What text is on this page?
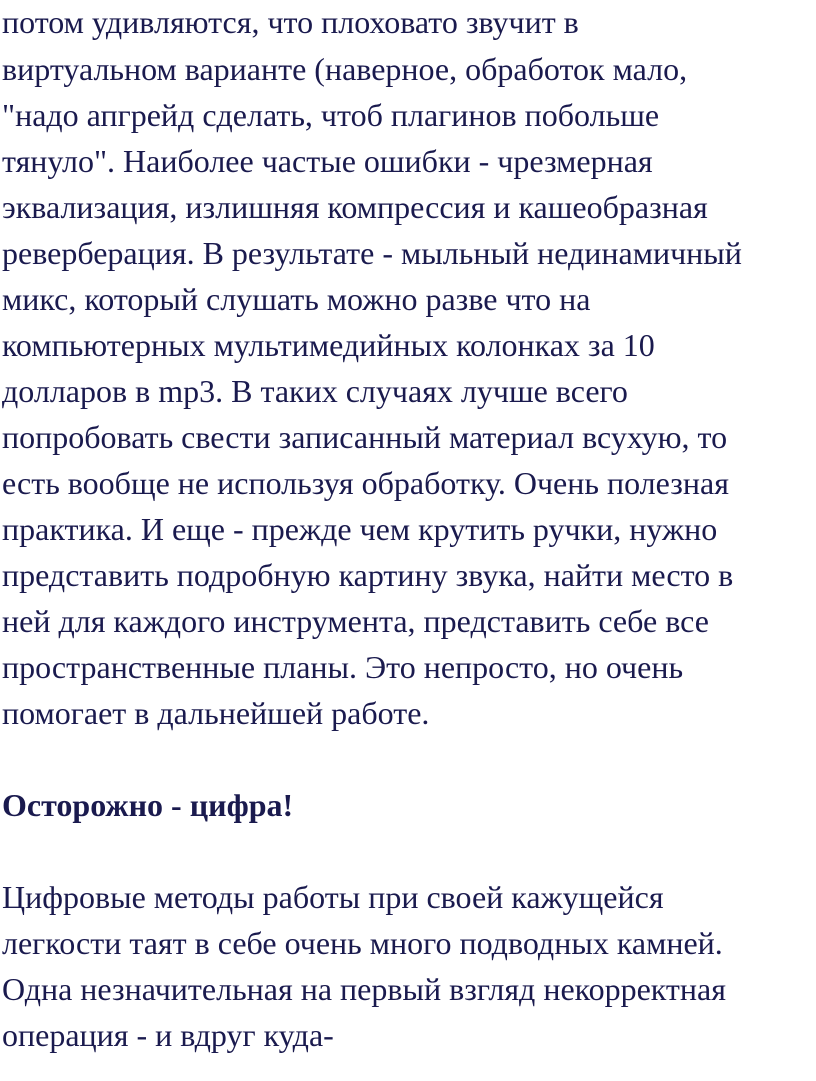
потом удивляются, что плоховато звучит в
виртуальном варианте (наверное, обработок мало,
"надо апгрейд сделать, чтоб плагинов побольше
тянуло". Наиболее частые ошибки - чрезмерная
эквализация, излишняя компрессия и кашеобразная
реверберация. В результате - мыльный нединамичный
микс, который слушать можно разве что на
компьютерных мультимедийных колонках за 10
долларов в mp3. В таких случаях лучше всего
попробовать свести записанный материал всухую, то
есть вообще не используя обработку. Очень полезная
практика. И еще - прежде чем крутить ручки, нужно
представить подробную картину звука, найти место в
ней для каждого инструмента, представить себе все
пространственные планы. Это непросто, но очень
помогает в дальнейшей работе.
Осторожно - цифра!
Цифровые методы работы при своей кажущейся
легкости таят в себе очень много подводных камней.
Одна незначительная на первый взгляд некорректная
операция - и вдруг куда-
